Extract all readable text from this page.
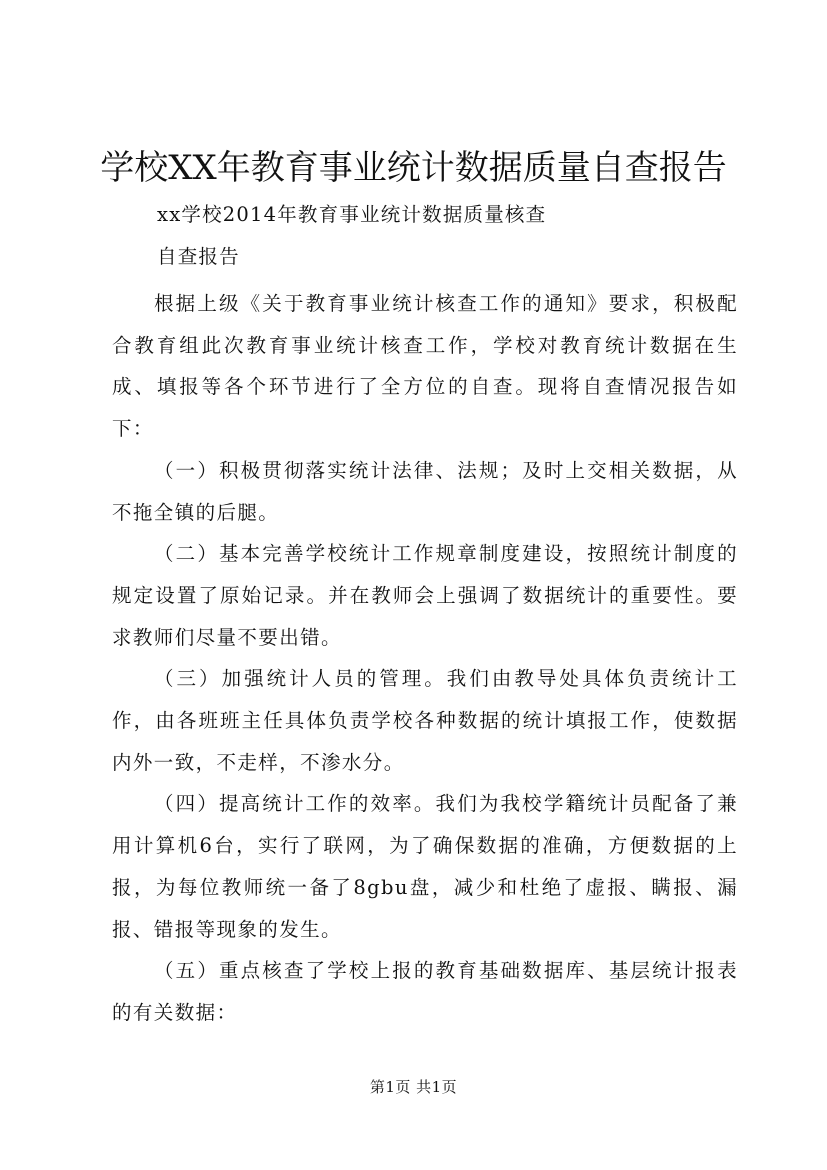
学校XX年教育事业统计数据质量自查报告
xx学校2014年教育事业统计数据质量核查
自查报告

根据上级《关于教育事业统计核查工作的通知》要求，积极配合教育组此次教育事业统计核查工作，学校对教育统计数据在生成、填报等各个环节进行了全方位的自查。现将自查情况报告如下：

（一）积极贯彻落实统计法律、法规；及时上交相关数据，从不拖全镇的后腿。

（二）基本完善学校统计工作规章制度建设，按照统计制度的规定设置了原始记录。并在教师会上强调了数据统计的重要性。要求教师们尽量不要出错。

（三）加强统计人员的管理。我们由教导处具体负责统计工作，由各班班主任具体负责学校各种数据的统计填报工作，使数据内外一致，不走样，不渗水分。

（四）提高统计工作的效率。我们为我校学籍统计员配备了兼用计算机6台，实行了联网，为了确保数据的准确，方便数据的上报，为每位教师统一备了8gbu盘，减少和杜绝了虚报、瞒报、漏报、错报等现象的发生。

（五）重点核查了学校上报的教育基础数据库、基层统计报表的有关数据：

第1页 共1页
